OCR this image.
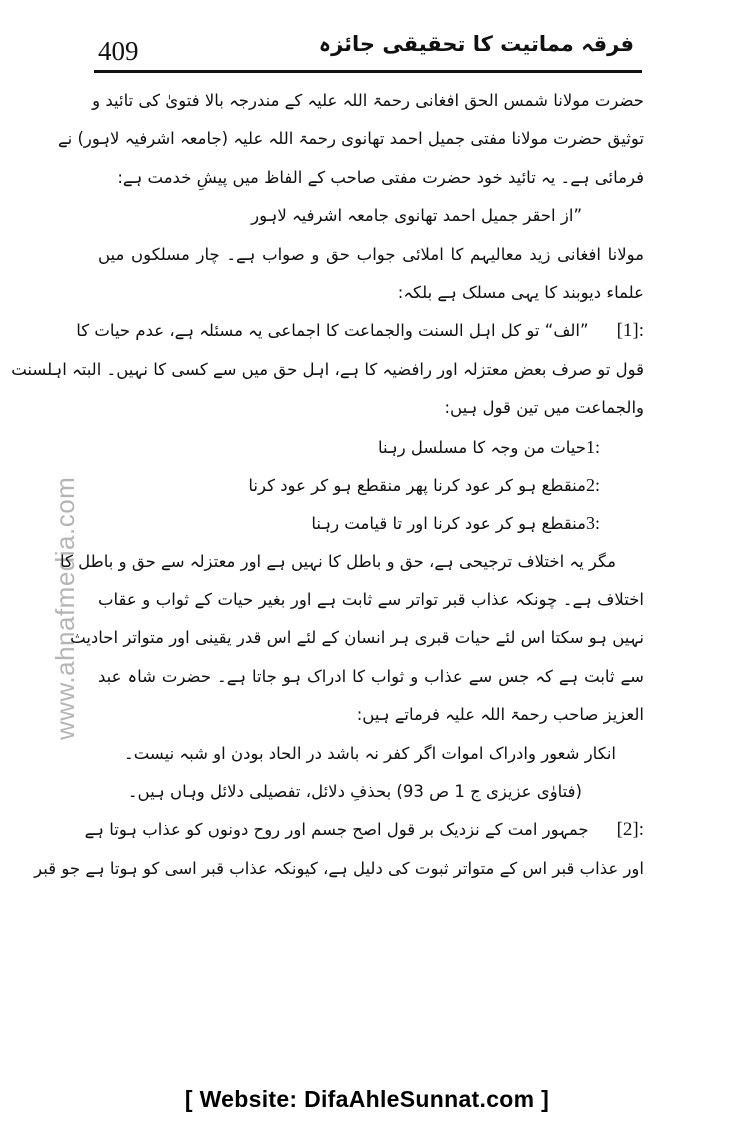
409	فرقہ مماتیت کا تحقیقی جائزہ
www.ahnafmedia.com
حضرت مولانا شمس الحق افغانی رحمۃ اللہ علیہ کے مندرجہ بالا فتویٰ کی تائید و
توثیق حضرت مولانا مفتی جمیل احمد تھانوی رحمۃ اللہ علیہ (جامعہ اشرفیہ لاہور) نے
فرمائی ہے۔ یہ تائید خود حضرت مفتی صاحب کے الفاظ میں پیشِ خدمت ہے:
”از احقر جمیل احمد تھانوی جامعہ اشرفیہ لاہور
مولانا افغانی زید معالیہم کا املائی جواب حق و صواب ہے۔ چار مسلکوں میں
علماء دیوبند کا یہی مسلک ہے بلکہ:
[1]:”الف“ تو کل اہل السنت والجماعت کا اجماعی یہ مسئلہ ہے، عدم حیات کا
قول تو صرف بعض معتزلہ اور رافضیہ کا ہے، اہل حق میں سے کسی کا نہیں۔ البتہ اہلسنت
والجماعت میں تین قول ہیں:
1:حیات من وجہ کا مسلسل رہنا
2:منقطع ہو کر عود کرنا پھر منقطع ہو کر عود کرنا
3:منقطع ہو کر عود کرنا اور تا قیامت رہنا
مگر یہ اختلاف ترجیحی ہے، حق و باطل کا نہیں ہے اور معتزلہ سے حق و باطل کا
اختلاف ہے۔ چونکہ عذاب قبر تواتر سے ثابت ہے اور بغیر حیات کے ثواب و عقاب
نہیں ہو سکتا اس لئے حیات قبری ہر انسان کے لئے اس قدر یقینی اور متواتر احادیث
سے ثابت ہے کہ جس سے عذاب و ثواب کا ادراک ہو جاتا ہے۔ حضرت شاہ عبد
العزیز صاحب رحمۃ اللہ علیہ فرماتے ہیں:
انکار شعور وادراک اموات اگر کفر نہ باشد در الحاد بودن او شبہ نیست۔
(فتاوٰی عزیزی ج 1 ص 93) بحذفِ دلائل، تفصیلی دلائل وہاں ہیں۔
[2]:جمہور امت کے نزدیک بر قول اصح جسم اور روح دونوں کو عذاب ہوتا ہے
اور عذاب قبر اس کے متواتر ثبوت کی دلیل ہے، کیونکہ عذاب قبر اسی کو ہوتا ہے جو قبر
[ Website: DifaAhleSunnat.com ]
